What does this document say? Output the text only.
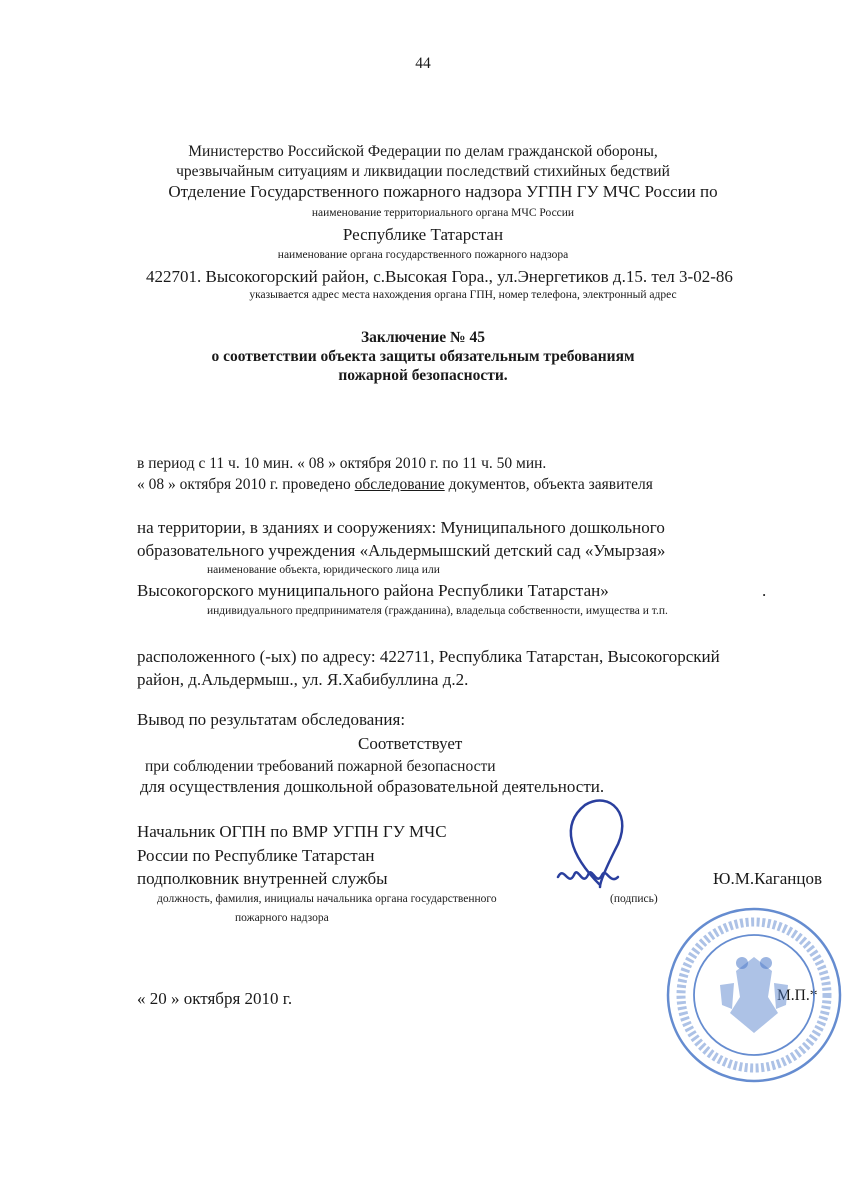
44
Министерство Российской Федерации по делам гражданской обороны,
чрезвычайным ситуациям и ликвидации последствий стихийных бедствий
Отделение Государственного пожарного надзора УГПН ГУ МЧС России по
наименование территориального органа МЧС России
Республике Татарстан
наименование органа государственного пожарного надзора
422701. Высокогорский район, с.Высокая Гора., ул.Энергетиков д.15. тел 3-02-86
указывается адрес места нахождения органа ГПН, номер телефона, электронный адрес
Заключение № 45
о соответствии объекта защиты обязательным требованиям
пожарной безопасности.
в период с 11 ч. 10 мин. « 08 » октября 2010 г. по 11 ч. 50 мин.
« 08 » октября 2010 г. проведено обследование документов, объекта заявителя
на территории, в зданиях и сооружениях: Муниципального дошкольного
образовательного учреждения «Альдермышский детский сад «Умырзая»
наименование объекта, юридического лица или
Высокогорского муниципального района Республики Татарстан»	.
индивидуального предпринимателя (гражданина), владельца собственности, имущества и т.п.
расположенного (-ых) по адресу: 422711, Республика Татарстан, Высокогорский
район, д.Альдермыш., ул. Я.Хабибуллина д.2.
Вывод по результатам обследования:
Соответствует
при соблюдении требований пожарной безопасности
для осуществления дошкольной образовательной деятельности.
Начальник ОГПН по ВМР УГПН ГУ МЧС
России по Республике Татарстан
подполковник внутренней службы	Ю.М.Каганцов
должность, фамилия, инициалы начальника органа государственного	(подпись)
пожарного надзора
« 20 » октября 2010 г.	М.П.*
